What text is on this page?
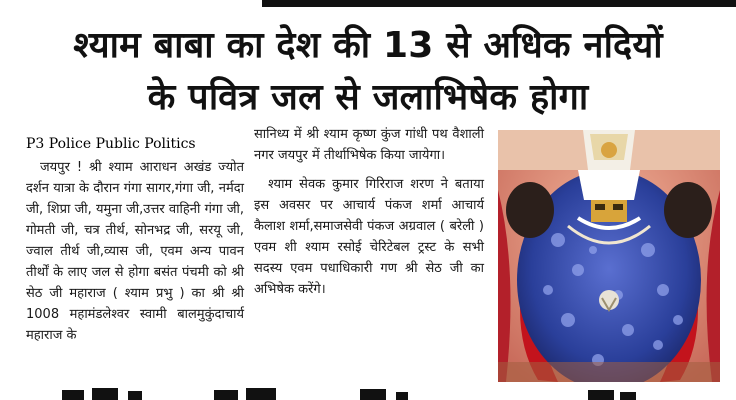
श्याम बाबा का देश की 13 से अधिक नदियों
के पवित्र जल से जलाभिषेक होगा
P3 Police Public Politics

जयपुर ! श्री श्याम आराधन अखंड ज्योत दर्शन यात्रा के दौरान गंगा सागर,गंगा जी, नर्मदा जी, शिप्रा जी, यमुना जी,उत्तर वाहिनी गंगा जी, गोमती जी, चत्र तीर्थ, सोनभद्र जी, सरयू जी, ज्वाल तीर्थ जी,व्यास जी, एवम अन्य पावन तीर्थों के लाए जल से होगा बसंत पंचमी को श्री सेठ जी महाराज ( श्याम प्रभु ) का श्री श्री 1008 महामंडलेश्वर स्वामी बालमुकुंदाचार्य महाराज के

सानिध्य में श्री श्याम कृष्ण कुंज गांधी पथ वैशाली नगर जयपुर में तीर्थाभिषेक किया जायेगा।

श्याम सेवक कुमार गिरिराज शरण ने बताया इस अवसर पर आचार्य पंकज शर्मा आचार्य कैलाश शर्मा,समाजसेवी पंकज अग्रवाल ( बरेली ) एवम शी श्याम रसोई चेरिटेबल ट्रस्ट के सभी सदस्य एवम पधाधिकारी गण श्री सेठ जी का अभिषेक करेंगे।
